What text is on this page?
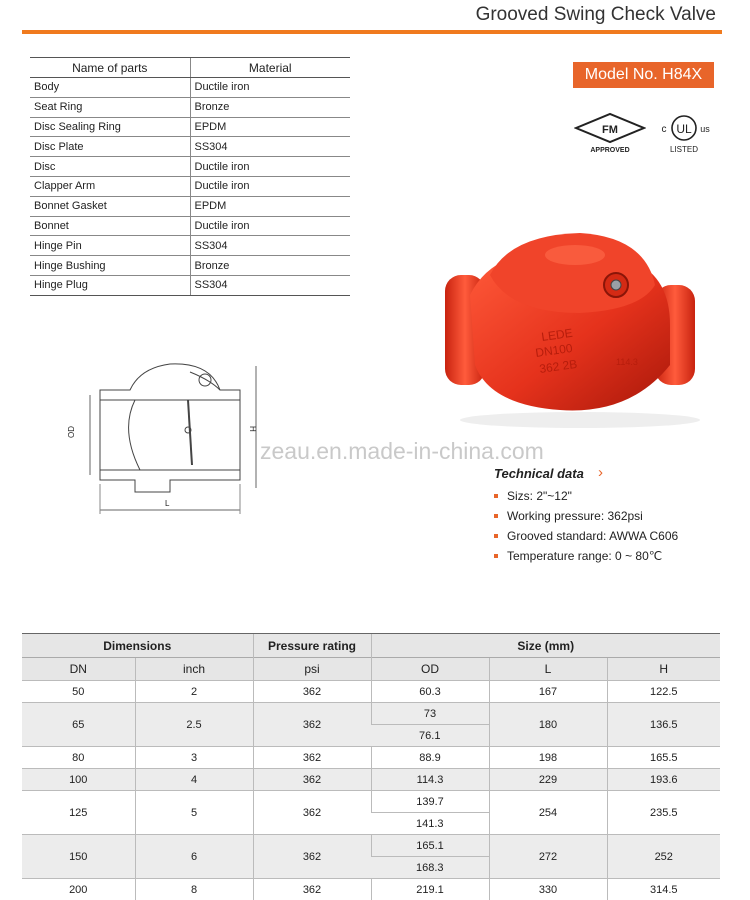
Grooved Swing Check Valve
Name of parts	Material
Body	Ductile iron
Seat Ring	Bronze
Disc Sealing Ring	EPDM
Disc Plate	SS304
Disc	Ductile iron
Clapper Arm	Ductile iron
Bonnet Gasket	EPDM
Bonnet	Ductile iron
Hinge Pin	SS304
Hinge Bushing	Bronze
Hinge Plug	SS304
Model No. H84X
FM
APPROVED
UL
c	us
LISTED
LEDE
DN100
362 2B	114.3
OD	H
L
zeau.en.made-in-china.com
Technical data ›
Sizs: 2"~12"
Working pressure: 362psi
Grooved standard: AWWA C606
Temperature range: 0 ~ 80℃
Dimensions		Pressure rating	Size (mm)		
DN	inch	psi	OD	L	H
50	2	362	60.3	167	122.5
65	2.5	362	73	180	136.5
			76.1		
80	3	362	88.9	198	165.5
100	4	362	114.3	229	193.6
125	5	362	139.7	254	235.5
			141.3		
150	6	362	165.1	272	252
			168.3		
200	8	362	219.1	330	314.5
